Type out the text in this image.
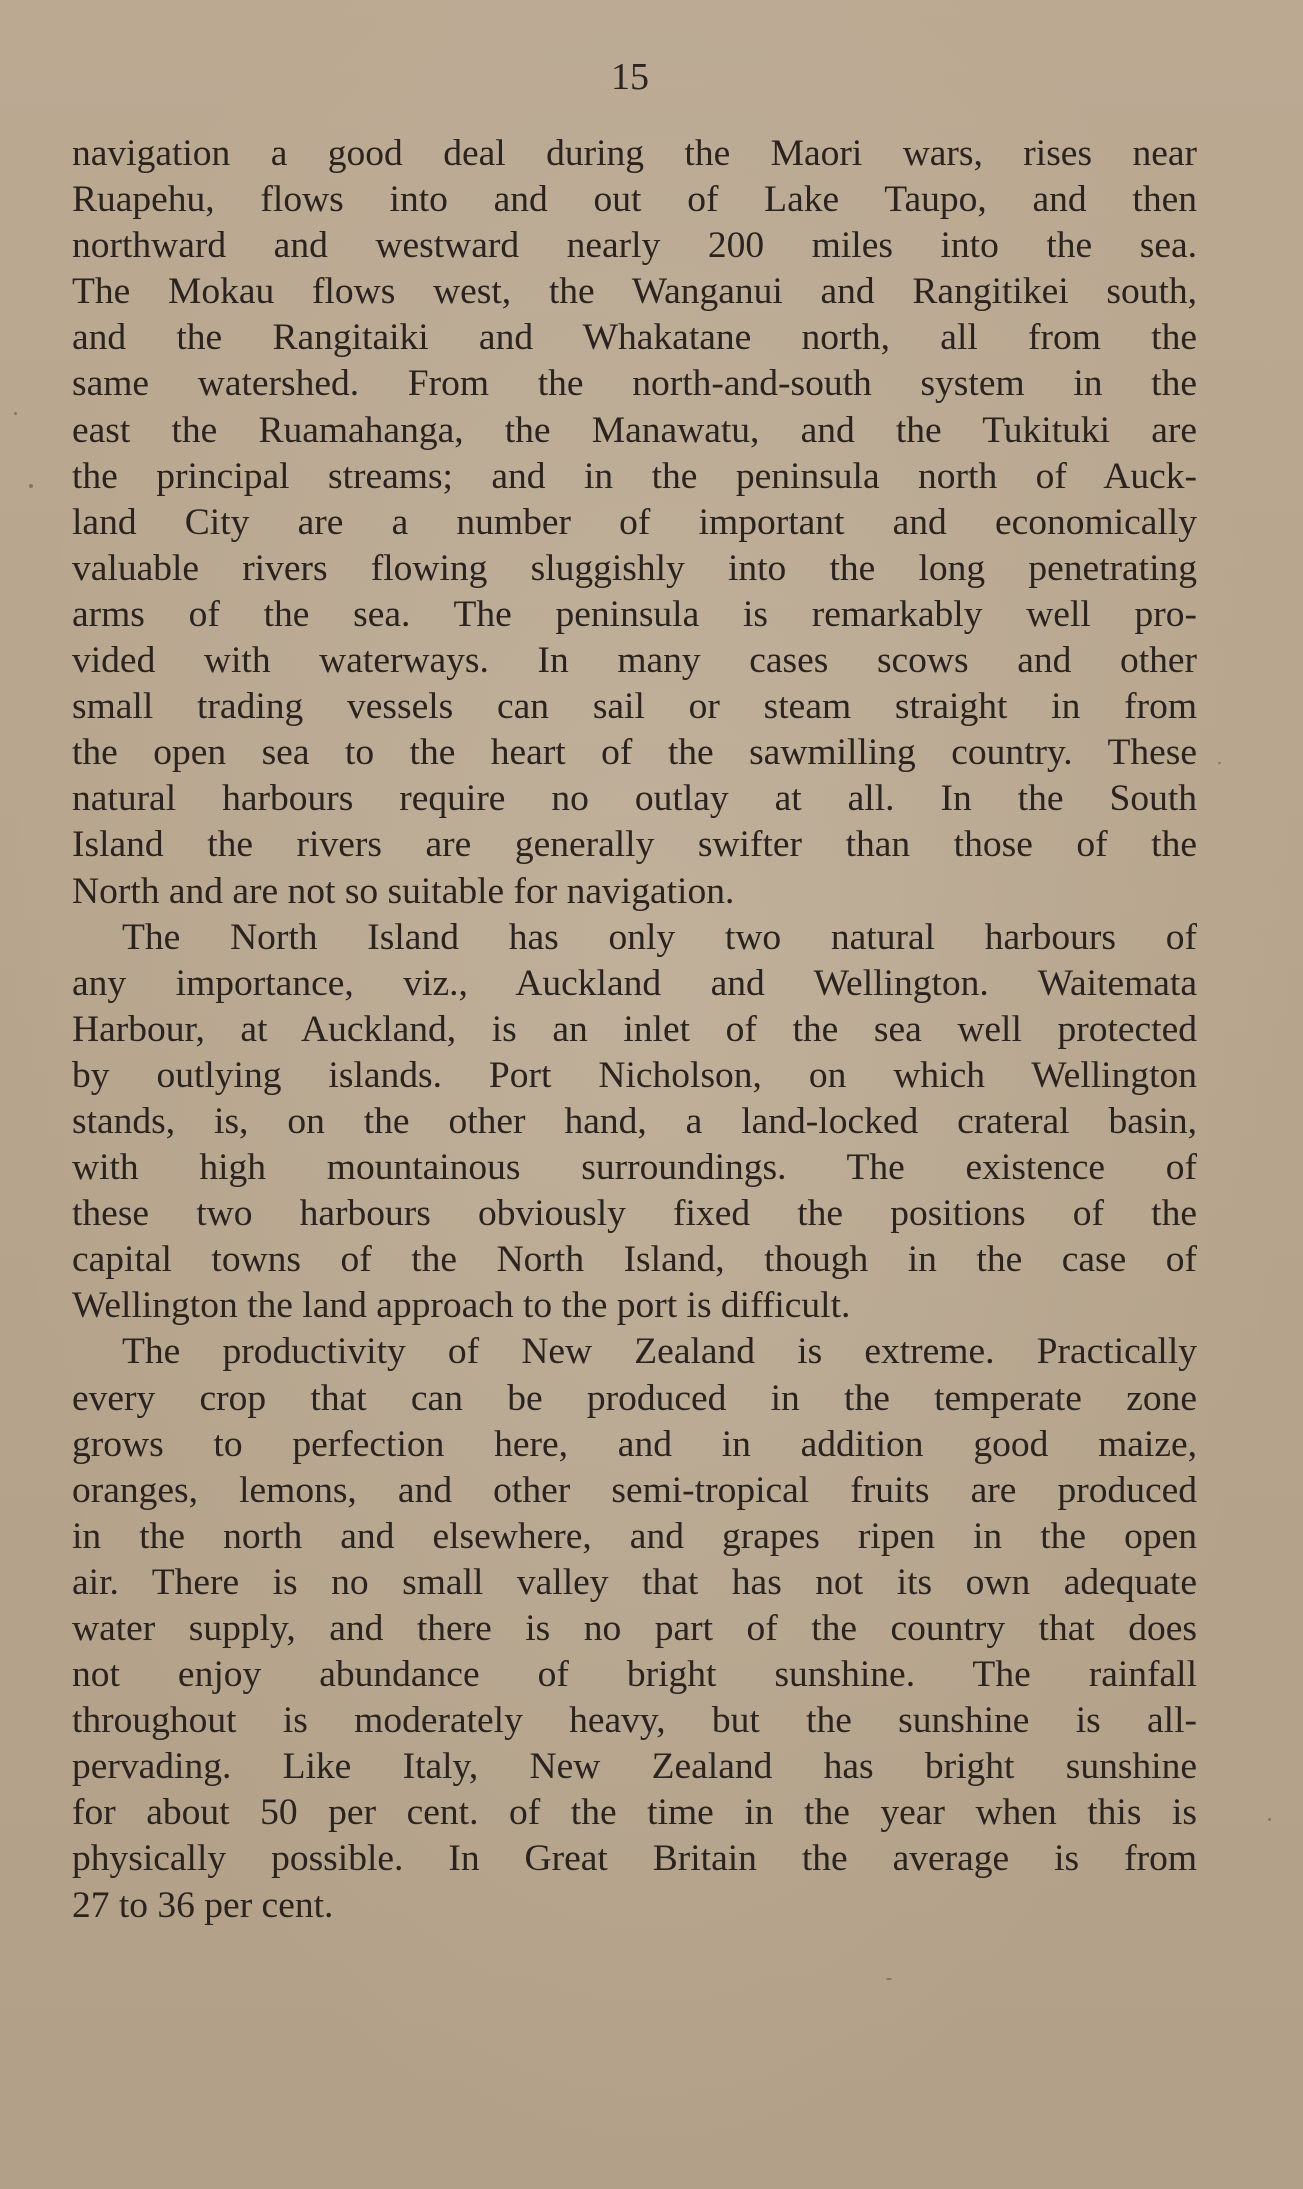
15
navigation a good deal during the Maori wars, rises near
Ruapehu, flows into and out of Lake Taupo, and then
northward and westward nearly 200 miles into the sea.
The Mokau flows west, the Wanganui and Rangitikei south,
and the Rangitaiki and Whakatane north, all from the
same watershed. From the north-and-south system in the
east the Ruamahanga, the Manawatu, and the Tukituki are
the principal streams; and in the peninsula north of Auck-
land City are a number of important and economically
valuable rivers flowing sluggishly into the long penetrating
arms of the sea. The peninsula is remarkably well pro-
vided with waterways. In many cases scows and other
small trading vessels can sail or steam straight in from
the open sea to the heart of the sawmilling country. These
natural harbours require no outlay at all. In the South
Island the rivers are generally swifter than those of the
North and are not so suitable for navigation.
The North Island has only two natural harbours of
any importance, viz., Auckland and Wellington. Waitemata
Harbour, at Auckland, is an inlet of the sea well protected
by outlying islands. Port Nicholson, on which Wellington
stands, is, on the other hand, a land-locked crateral basin,
with high mountainous surroundings. The existence of
these two harbours obviously fixed the positions of the
capital towns of the North Island, though in the case of
Wellington the land approach to the port is difficult.
The productivity of New Zealand is extreme. Practically
every crop that can be produced in the temperate zone
grows to perfection here, and in addition good maize,
oranges, lemons, and other semi-tropical fruits are produced
in the north and elsewhere, and grapes ripen in the open
air. There is no small valley that has not its own adequate
water supply, and there is no part of the country that does
not enjoy abundance of bright sunshine. The rainfall
throughout is moderately heavy, but the sunshine is all-
pervading. Like Italy, New Zealand has bright sunshine
for about 50 per cent. of the time in the year when this is
physically possible. In Great Britain the average is from
27 to 36 per cent.
